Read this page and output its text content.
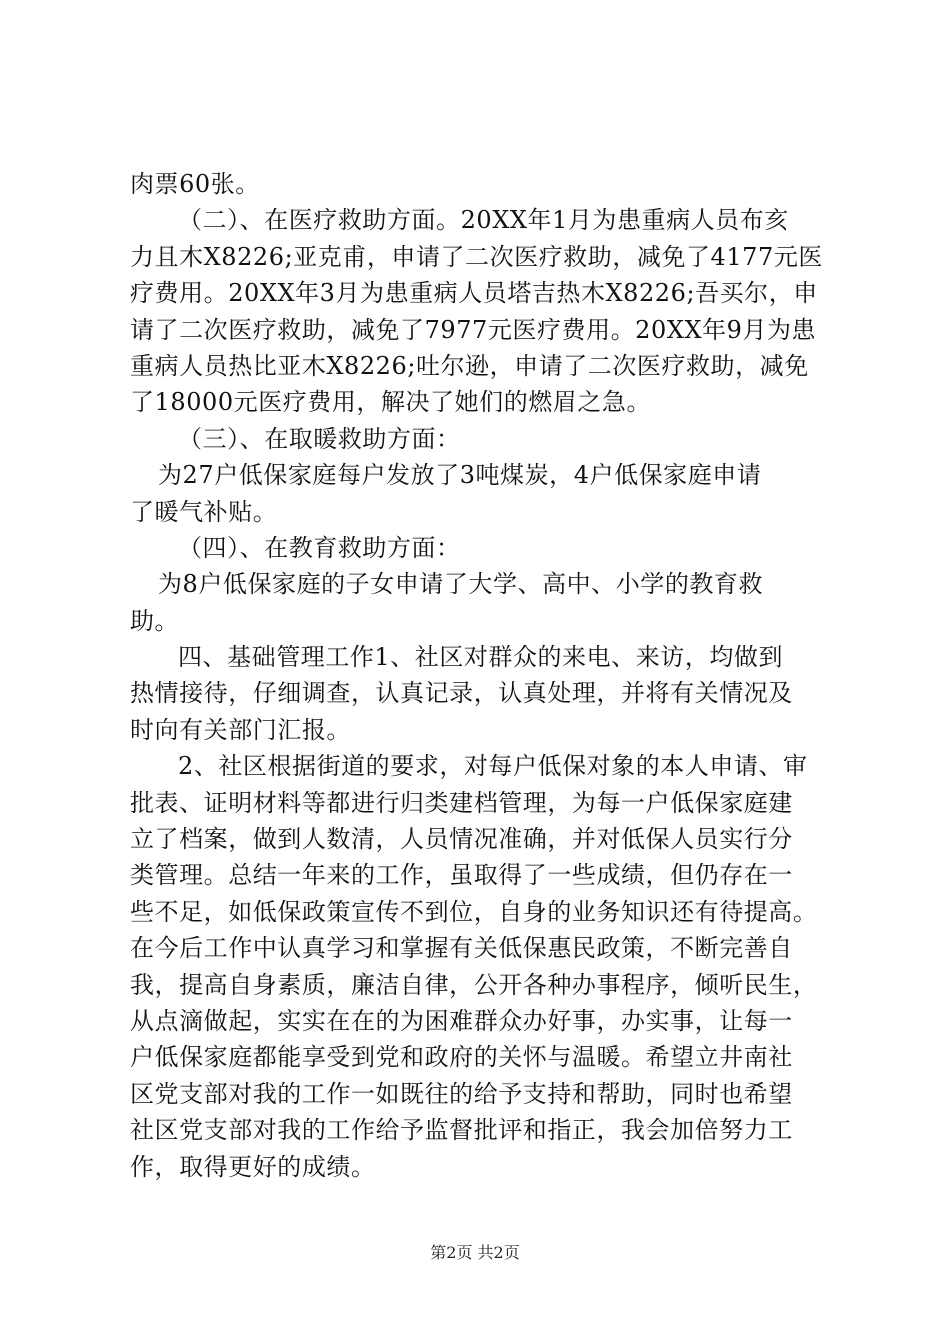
肉票60张。
（二）、在医疗救助方面。20XX年1月为患重病人员布亥
力且木X8226;亚克甫，申请了二次医疗救助，减免了4177元医
疗费用。20XX年3月为患重病人员塔吉热木X8226;吾买尔，申
请了二次医疗救助，减免了7977元医疗费用。20XX年9月为患
重病人员热比亚木X8226;吐尔逊，申请了二次医疗救助，减免
了18000元医疗费用，解决了她们的燃眉之急。
（三）、在取暖救助方面：
为27户低保家庭每户发放了3吨煤炭，4户低保家庭申请
了暖气补贴。
（四）、在教育救助方面：
为8户低保家庭的子女申请了大学、高中、小学的教育救
助。
四、基础管理工作1、社区对群众的来电、来访，均做到
热情接待，仔细调查，认真记录，认真处理，并将有关情况及
时向有关部门汇报。
2、社区根据街道的要求，对每户低保对象的本人申请、审
批表、证明材料等都进行归类建档管理，为每一户低保家庭建
立了档案，做到人数清，人员情况准确，并对低保人员实行分
类管理。总结一年来的工作，虽取得了一些成绩，但仍存在一
些不足，如低保政策宣传不到位，自身的业务知识还有待提高。
在今后工作中认真学习和掌握有关低保惠民政策，不断完善自
我，提高自身素质，廉洁自律，公开各种办事程序，倾听民生，
从点滴做起，实实在在的为困难群众办好事，办实事，让每一
户低保家庭都能享受到党和政府的关怀与温暖。希望立井南社
区党支部对我的工作一如既往的给予支持和帮助，同时也希望
社区党支部对我的工作给予监督批评和指正，我会加倍努力工
作，取得更好的成绩。
第2页 共2页
